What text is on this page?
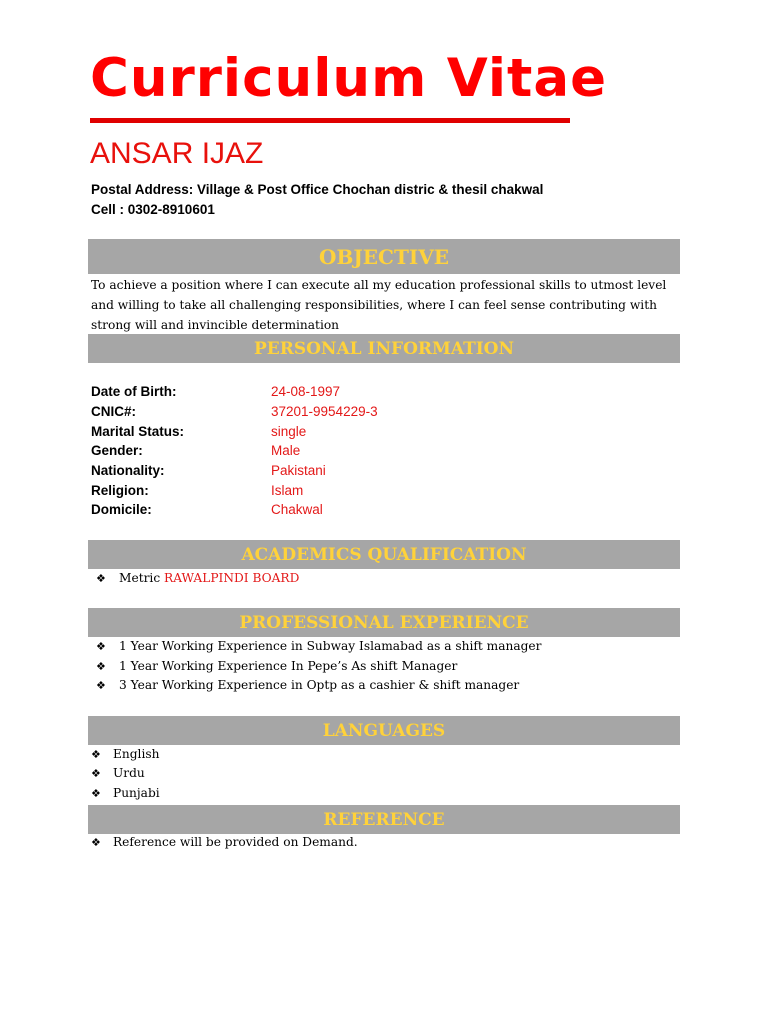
Curriculum Vitae
ANSAR IJAZ
Postal Address: Village & Post Office Chochan distric & thesil chakwal
Cell : 0302-8910601
OBJECTIVE
To achieve a position where I can execute all my education professional skills to utmost level and willing to take all challenging responsibilities, where I can feel sense contributing with strong will and invincible determination
PERSONAL INFORMATION
Date of Birth:	24-08-1997
CNIC#:	37201-9954229-3
Marital Status:	single
Gender:	Male
Nationality:	Pakistani
Religion:	Islam
Domicile:	Chakwal
ACADEMICS QUALIFICATION
❖ Metric RAWALPINDI BOARD
PROFESSIONAL EXPERIENCE
❖ 1 Year Working Experience in Subway Islamabad as a shift manager
❖ 1 Year Working Experience In Pepe’s As shift Manager
❖ 3 Year Working Experience in Optp as a cashier & shift manager
LANGUAGES
❖ English
❖ Urdu
❖ Punjabi
REFERENCE
❖ Reference will be provided on Demand.
